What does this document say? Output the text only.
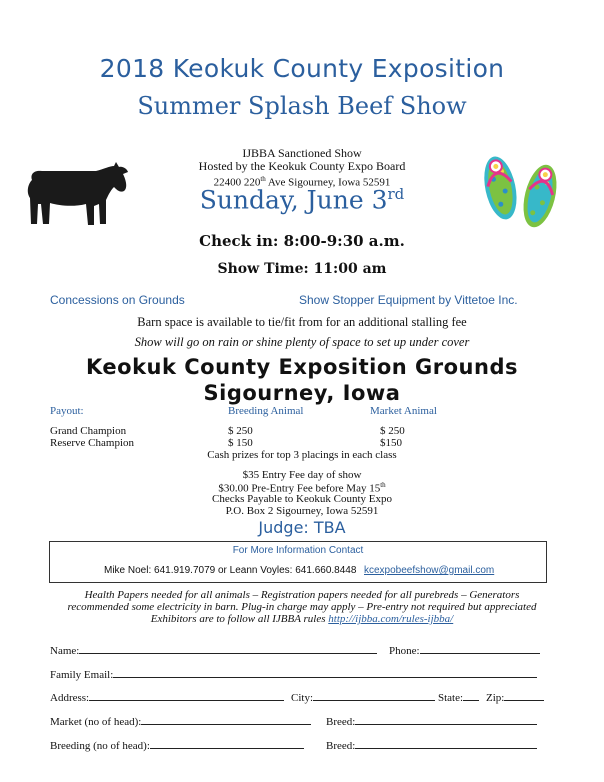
2018 Keokuk County Exposition
Summer Splash Beef Show
IJBBA Sanctioned Show
Hosted by the Keokuk County Expo Board
22400 220th Ave Sigourney, Iowa 52591
Sunday, June 3rd
Check in: 8:00-9:30 a.m.
Show Time: 11:00 am
Concessions on Grounds	Show Stopper Equipment by Vittetoe Inc.
Barn space is available to tie/fit from for an additional stalling fee
Show will go on rain or shine plenty of space to set up under cover
Keokuk County Exposition Grounds
Sigourney, Iowa
Payout:	Breeding Animal	Market Animal
Grand Champion	$ 250	$ 250
Reserve Champion	$ 150	$150
Cash prizes for top 3 placings in each class
$35 Entry Fee day of show
$30.00 Pre-Entry Fee before May 15th
Checks Payable to Keokuk County Expo
P.O. Box 2 Sigourney, Iowa 52591
Judge: TBA
For More Information Contact
Mike Noel: 641.919.7079 or Leann Voyles: 641.660.8448 kcexpobeefshow@gmail.com
Health Papers needed for all animals – Registration papers needed for all purebreds – Generators
recommended some electricity in barn. Plug-in charge may apply – Pre-entry not required but appreciated
Exhibitors are to follow all IJBBA rules http://ijbba.com/rules-ijbba/
Name:	Phone:
Family Email:
Address:	City:	State:	Zip:
Market (no of head):	Breed:
Breeding (no of head):	Breed:
